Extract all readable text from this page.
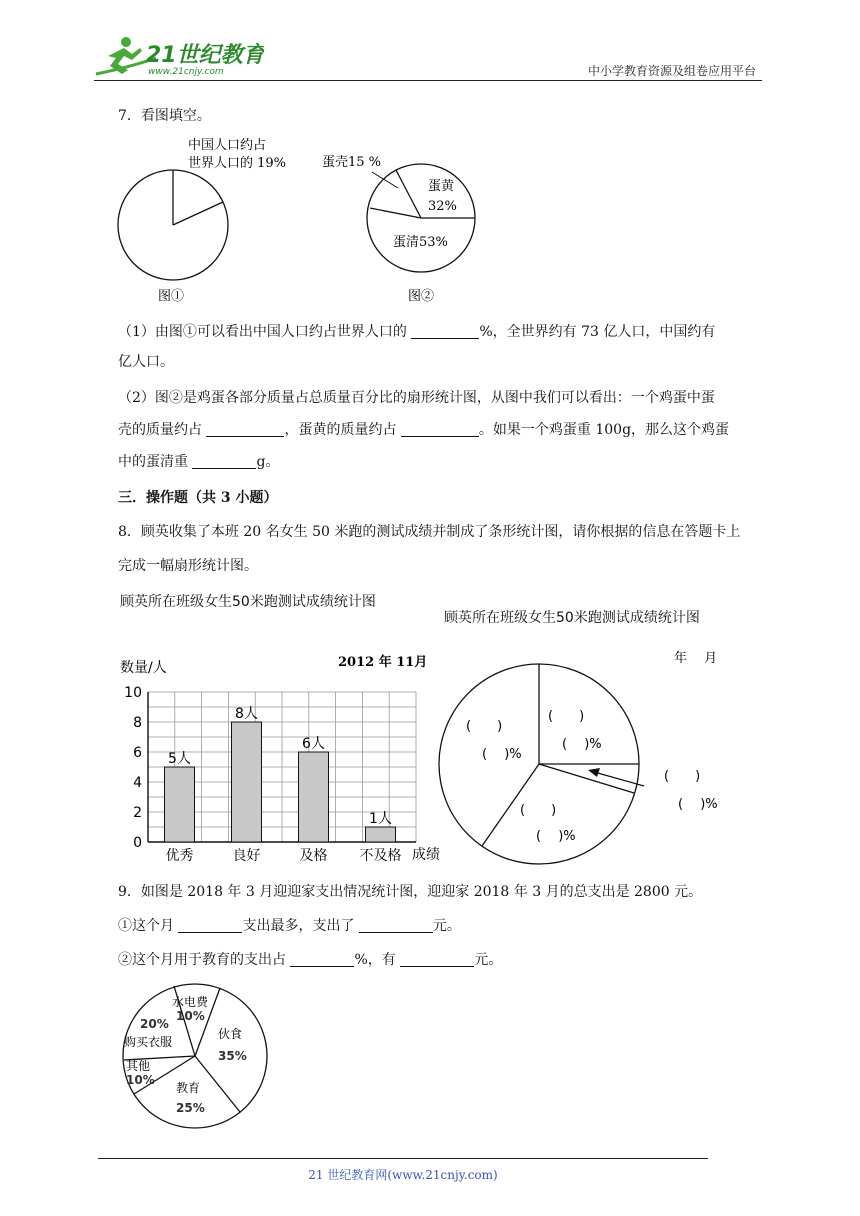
21世纪教育
www.21cnjy.com	中小学教育资源及组卷应用平台
7．看图填空。
中国人口约占
世界人口的 19%
图①
蛋壳15 %
蛋黄
32%
蛋清53%
图②
（1）由图①可以看出中国人口约占世界人口的	%，全世界约有 73 亿人口，中国约有
亿人口。
（2）图②是鸡蛋各部分质量占总质量百分比的扇形统计图，从图中我们可以看出：一个鸡蛋中蛋
壳的质量约占	，蛋黄的质量约占	。如果一个鸡蛋重 100g，那么这个鸡蛋
中的蛋清重	g。
三．操作题（共 3 小题）
8．顾英收集了本班 20 名女生 50 米跑的测试成绩并制成了条形统计图，请你根据的信息在答题卡上
完成一幅扇形统计图。
顾英所在班级女生50米跑测试成绩统计图
2012 年 11月
数量/人
成绩
0
2
4
6
8
10
5人
8人
6人
1人
优秀	良好	及格 不及格
顾英所在班级女生50米跑测试成绩统计图
年　 月
(　　)
(　 )%
(　　)
(　 )%
(　　)
(　 )%
(　　)
(　 )%
9．如图是 2018 年 3 月迎迎家支出情况统计图，迎迎家 2018 年 3 月的总支出是 2800 元。
①这个月	支出最多，支出了	元。
②这个月用于教育的支出占	%，有	元。
水电费
10%
伙食
35%
教育
25%
其他
10%
20%
购买衣服
21 世纪教育网(www.21cnjy.com)
